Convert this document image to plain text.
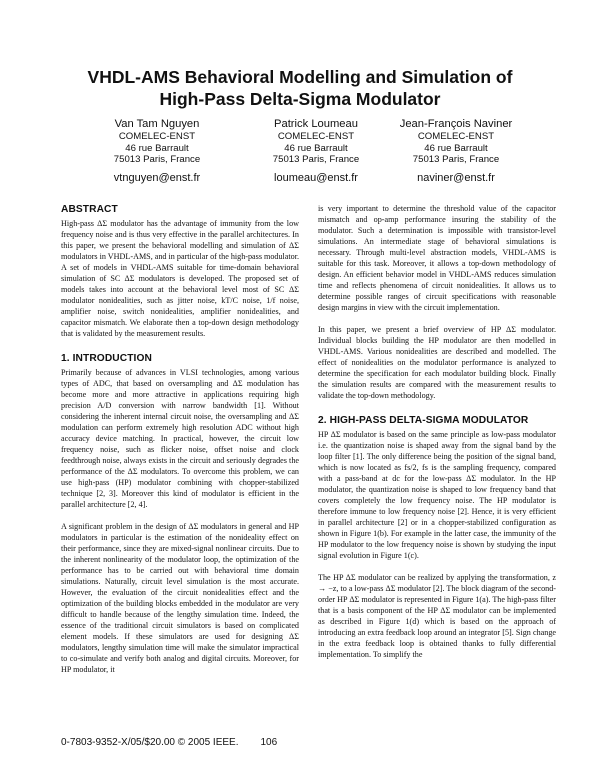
VHDL-AMS Behavioral Modelling and Simulation of
High-Pass Delta-Sigma Modulator
Van Tam Nguyen
COMELEC-ENST
46 rue Barrault
75013 Paris, France
vtnguyen@enst.fr
Patrick Loumeau
COMELEC-ENST
46 rue Barrault
75013 Paris, France
loumeau@enst.fr
Jean-François Naviner
COMELEC-ENST
46 rue Barrault
75013 Paris, France
naviner@enst.fr
ABSTRACT

High-pass ΔΣ modulator has the advantage of immunity from the low frequency noise and is thus very effective in the parallel architectures. In this paper, we present the behavioral modelling and simulation of ΔΣ modulators in VHDL-AMS, and in particular of the high-pass modulator. A set of models in VHDL-AMS suitable for time-domain behavioral simulation of SC ΔΣ modulators is developed. The proposed set of models takes into account at the behavioral level most of SC ΔΣ modulator nonidealities, such as jitter noise, kT/C noise, 1/f noise, amplifier noise, switch nonidealities, amplifier nonidealities, and capacitor mismatch. We elaborate then a top-down design methodology that is validated by the measurement results.

1. INTRODUCTION

Primarily because of advances in VLSI technologies, among various types of ADC, that based on oversampling and ΔΣ modulation has become more and more attractive in applications requiring high precision A/D conversion with narrow bandwidth [1]. Without considering the inherent internal circuit noise, the oversampling and ΔΣ modulation can perform extremely high resolution ADC without high accuracy device matching. In practical, however, the circuit low frequency noise, such as flicker noise, offset noise and clock feedthrough noise, always exists in the circuit and seriously degrades the performance of the ΔΣ modulators. To overcome this problem, we can use high-pass (HP) modulator combining with chopper-stabilized technique [2, 3]. Moreover this kind of modulator is efficient in the parallel architecture [2, 4].

A significant problem in the design of ΔΣ modulators in general and HP modulators in particular is the estimation of the nonideality effect on their performance, since they are mixed-signal nonlinear circuits. Due to the inherent nonlinearity of the modulator loop, the optimization of the performance has to be carried out with behavioral time domain simulations. Naturally, circuit level simulation is the most accurate. However, the evaluation of the circuit nonidealities effect and the optimization of the building blocks embedded in the modulator are very difficult to handle because of the lengthy simulation time. Indeed, the essence of the traditional circuit simulators is based on complicated element models. If these simulators are used for designing ΔΣ modulators, lengthy simulation time will make the simulator impractical to co-simulate and verify both analog and digital circuits. Moreover, for HP modulator, it

is very important to determine the threshold value of the capacitor mismatch and op-amp performance insuring the stability of the modulator. Such a determination is impossible with transistor-level simulations. An intermediate stage of behavioral simulations is necessary. Through multi-level abstraction models, VHDL-AMS is suitable for this task. Moreover, it allows a top-down methodology of design. An efficient behavior model in VHDL-AMS reduces simulation time and reflects phenomena of circuit nonidealities. It allows us to determine possible ranges of circuit specifications with reasonable design margins in view with the circuit implementation.

In this paper, we present a brief overview of HP ΔΣ modulator. Individual blocks building the HP modulator are then modelled in VHDL-AMS. Various nonidealities are described and modelled. The effect of nonidealities on the modulator performance is analyzed to determine the specification for each modulator building block. Finally the simulation results are compared with the measurement results to validate the top-down methodology.

2. HIGH-PASS DELTA-SIGMA MODULATOR

HP ΔΣ modulator is based on the same principle as low-pass modulator i.e. the quantization noise is shaped away from the signal band by the loop filter [1]. The only difference being the position of the signal band, which is now located as fs/2, fs is the sampling frequency, compared with a pass-band at dc for the low-pass ΔΣ modulator. In the HP modulator, the quantization noise is shaped to low frequency band that covers completely the low frequency noise. The HP modulator is therefore immune to low frequency noise [2]. Hence, it is very efficient in parallel architecture [2] or in a chopper-stabilized configuration as shown in Figure 1(b). For example in the latter case, the immunity of the HP modulator to the low frequency noise is shown by studying the input signal evolution in Figure 1(c).

The HP ΔΣ modulator can be realized by applying the transformation, z → −z, to a low-pass ΔΣ modulator [2]. The block diagram of the second-order HP ΔΣ modulator is represented in Figure 1(a). The high-pass filter that is a basis component of the HP ΔΣ modulator can be implemented as described in Figure 1(d) which is based on the approach of introducing an extra feedback loop around an integrator [5]. Sign change in the extra feedback loop is obtained thanks to fully differential implementation. To simplify the

0-7803-9352-X/05/$20.00 © 2005 IEEE. 106
